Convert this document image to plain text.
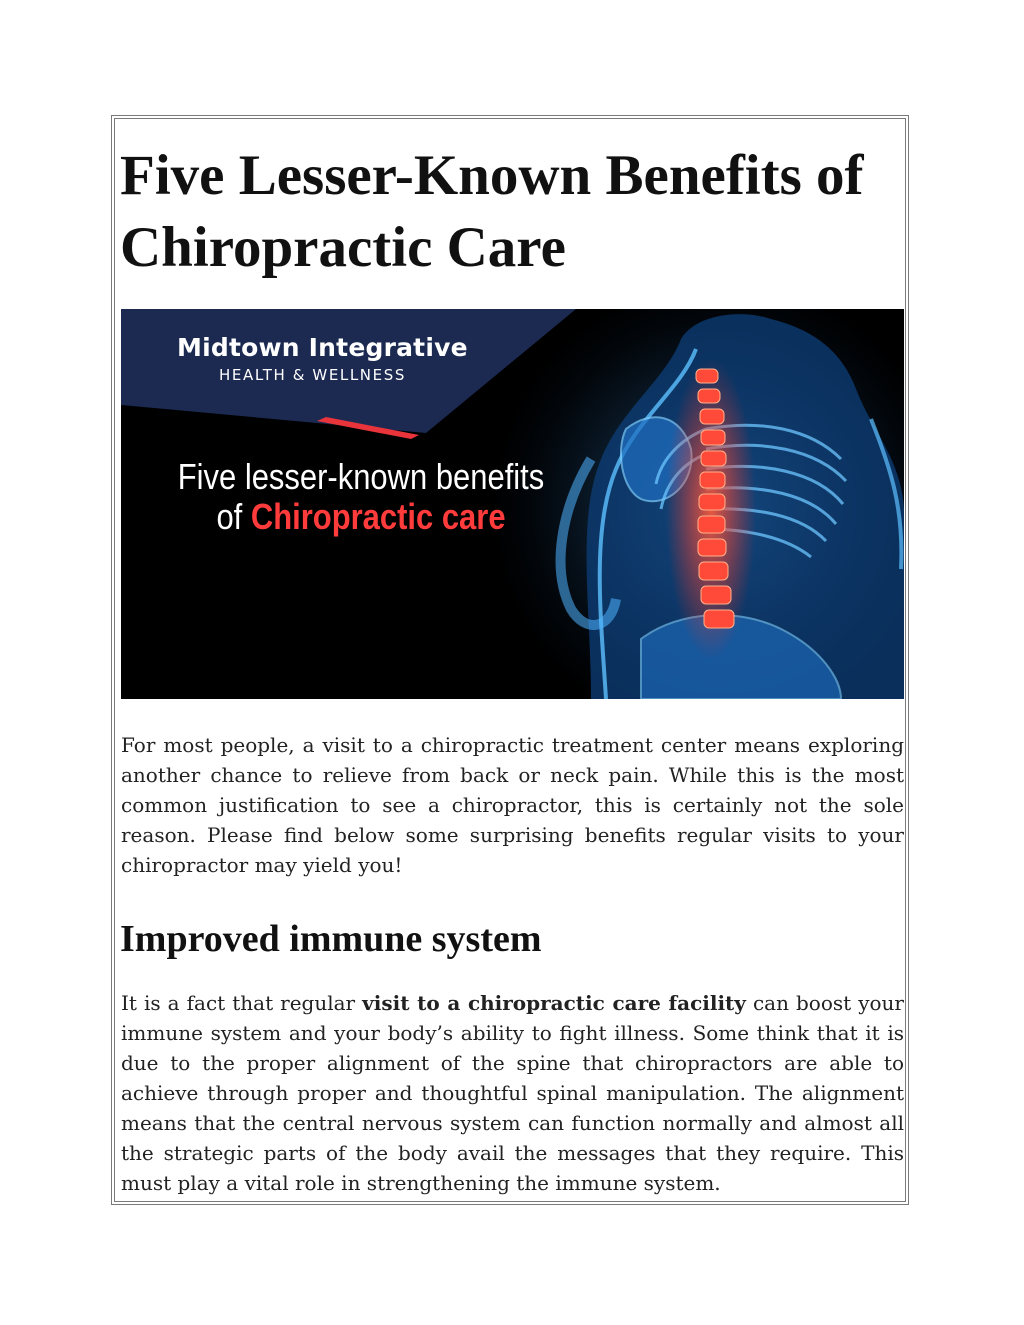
Five Lesser-Known Benefits of Chiropractic Care
Midtown Integrative
HEALTH & WELLNESS
Five lesser-known benefits
of Chiropractic care

For most people, a visit to a chiropractic treatment center means exploring another chance to relieve from back or neck pain. While this is the most common justification to see a chiropractor, this is certainly not the sole reason. Please find below some surprising benefits regular visits to your chiropractor may yield you!

Improved immune system

It is a fact that regular visit to a chiropractic care facility can boost your immune system and your body’s ability to fight illness. Some think that it is due to the proper alignment of the spine that chiropractors are able to achieve through proper and thoughtful spinal manipulation. The alignment means that the central nervous system can function normally and almost all the strategic parts of the body avail the messages that they require. This must play a vital role in strengthening the immune system.
